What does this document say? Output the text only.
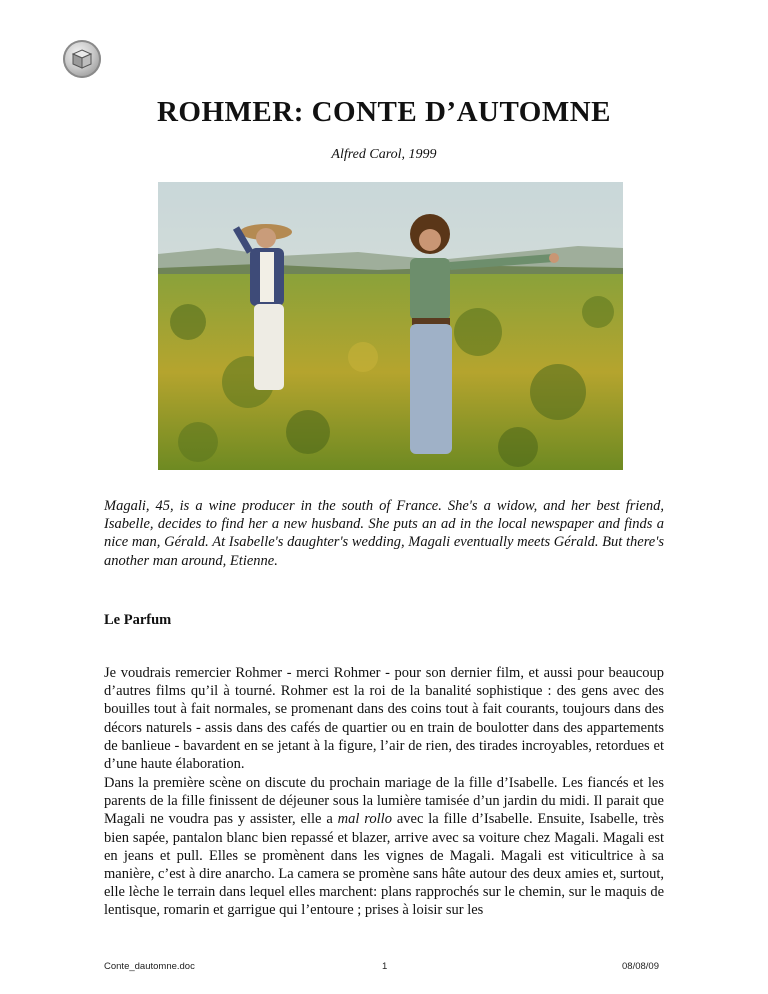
ROHMER: CONTE D’AUTOMNE

Alfred Carol, 1999

Magali, 45, is a wine producer in the south of France. She's a widow, and her best friend, Isabelle, decides to find her a new husband. She puts an ad in the local newspaper and finds a nice man, Gérald. At Isabelle's daughter's wedding, Magali eventually meets Gérald. But there's another man around, Etienne.

Le Parfum

Je voudrais remercier Rohmer - merci Rohmer - pour son dernier film, et aussi pour beaucoup d’autres films qu’il à tourné. Rohmer est la roi de la banalité sophistique : des gens avec des bouilles tout à fait normales, se promenant dans des coins tout à fait courants, toujours dans des décors naturels - assis dans des cafés de quartier ou en train de boulotter dans des appartements de banlieue - bavardent en se jetant à la figure, l’air de rien, des tirades incroyables, retordues et d’une haute élaboration.

Dans la première scène on discute du prochain mariage de la fille d’Isabelle. Les fiancés et les parents de la fille finissent de déjeuner sous la lumière tamisée d’un jardin du midi. Il parait que Magali ne voudra pas y assister, elle a mal rollo avec la fille d’Isabelle. Ensuite, Isabelle, très bien sapée, pantalon blanc bien repassé et blazer, arrive avec sa voiture chez Magali. Magali est en jeans et pull. Elles se promènent dans les vignes de Magali. Magali est viticultrice à sa manière, c’est à dire anarcho. La camera se promène sans hâte autour des deux amies et, surtout, elle lèche le terrain dans lequel elles marchent: plans rapprochés sur le chemin, sur le maquis de lentisque, romarin et garrigue qui l’entoure ; prises à loisir sur les

Conte_dautomne.doc	1	08/08/09
